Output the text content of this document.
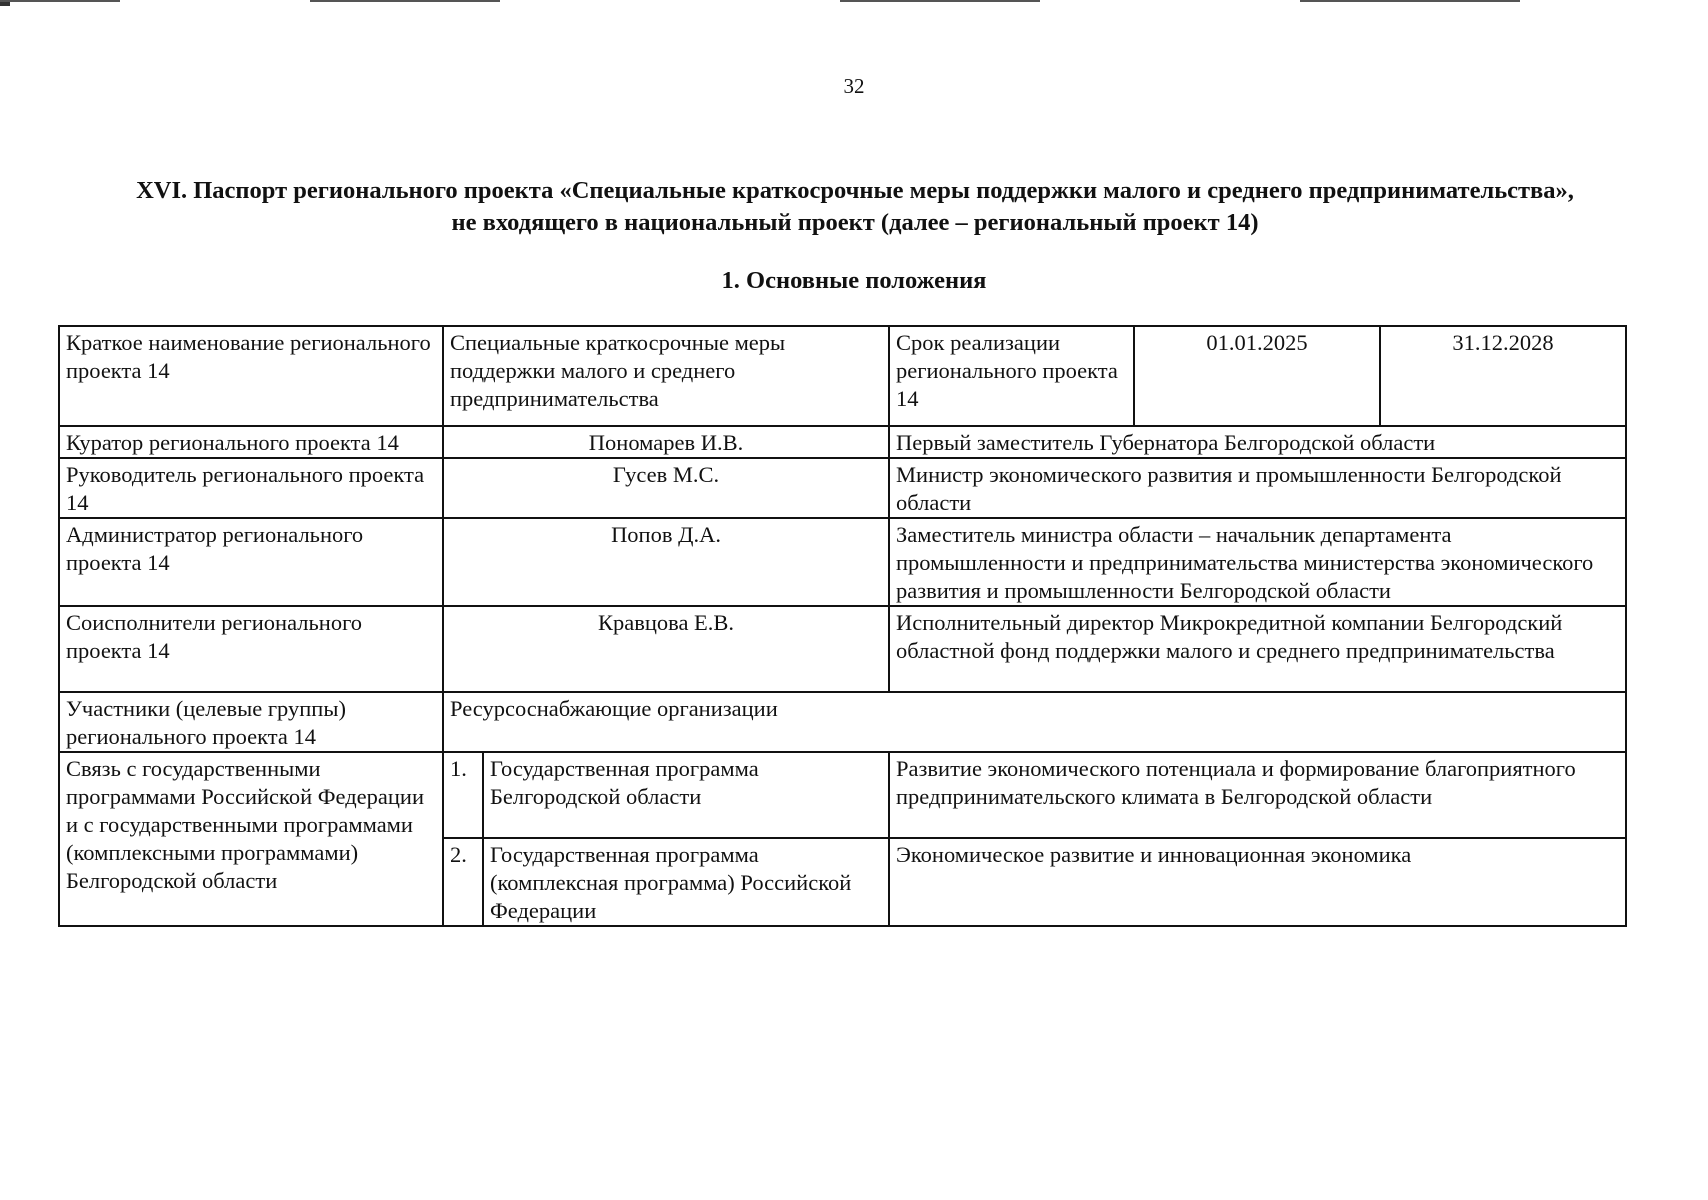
32
XVI. Паспорт регионального проекта «Специальные краткосрочные меры поддержки малого и среднего предпринимательства»,
не входящего в национальный проект (далее – региональный проект 14)
1. Основные положения
Краткое наименование регионального проекта 14	Специальные краткосрочные меры поддержки малого и среднего предпринимательства		Срок реализации регионального проекта 14	01.01.2025	31.12.2028
Куратор регионального проекта 14	Пономарев И.В.		Первый заместитель Губернатора Белгородской области		
Руководитель регионального проекта 14	Гусев М.С.		Министр экономического развития и промышленности Белгородской области		
Администратор регионального проекта 14	Попов Д.А.		Заместитель министра области – начальник департамента промышленности и предпринимательства министерства экономического развития и промышленности Белгородской области		
Соисполнители регионального проекта 14	Кравцова Е.В.		Исполнительный директор Микрокредитной компании Белгородский областной фонд поддержки малого и среднего предпринимательства		
Участники (целевые группы) регионального проекта 14	Ресурсоснабжающие организации				
Связь с государственными программами Российской Федерации и с государственными программами (комплексными программами) Белгородской области	1.	Государственная программа Белгородской области	Развитие экономического потенциала и формирование благоприятного предпринимательского климата в Белгородской области		
	2.	Государственная программа (комплексная программа) Российской Федерации	Экономическое развитие и инновационная экономика		
